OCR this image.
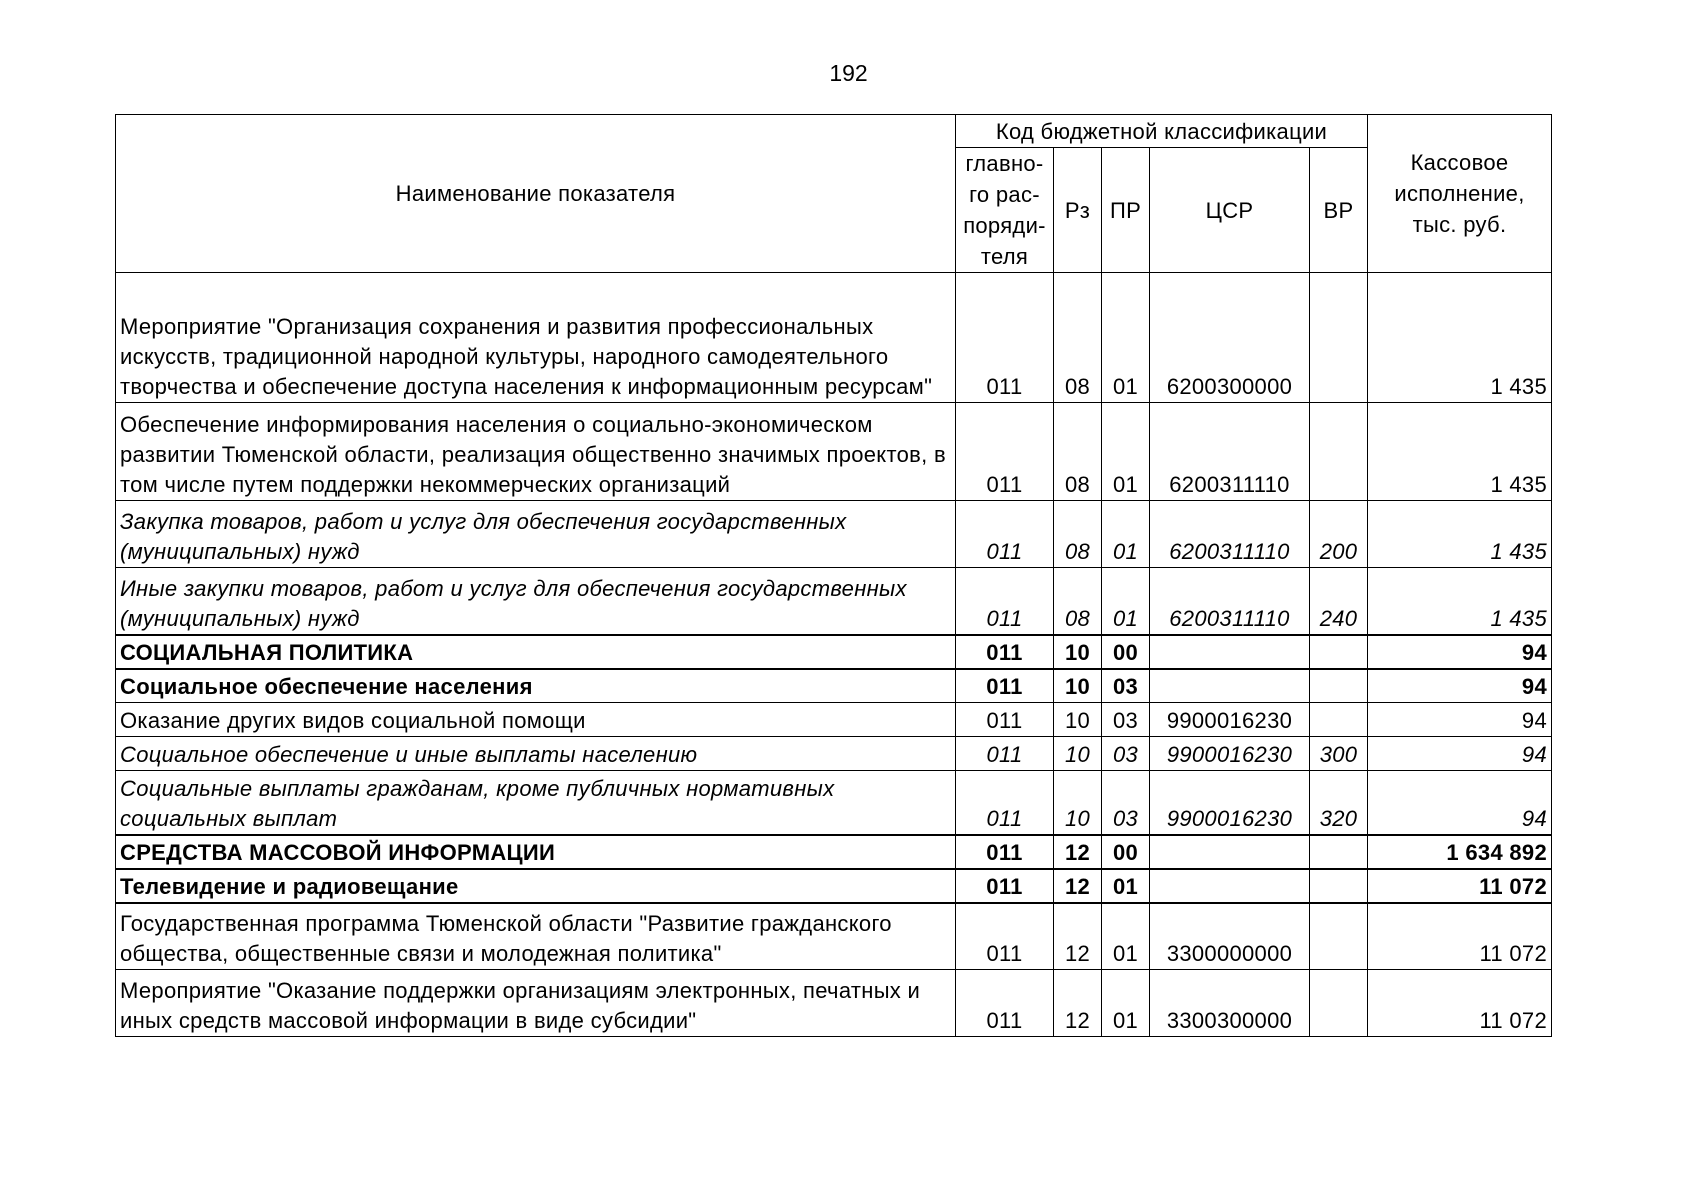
192
Наименование показателя	Код бюджетной классификации					Кассовое
исполнение,
тыс. руб.

	главно-
го рас-
поряди-
теля	Рз	ПР	ЦСР	ВР	
Мероприятие "Организация сохранения и развития профессиональных искусств, традиционной народной культуры, народного самодеятельного творчества и обеспечение доступа населения к информационным ресурсам"	011	08	01	6200300000		1 435
Обеспечение информирования населения о социально-экономическом развитии Тюменской области, реализация общественно значимых проектов, в том числе путем поддержки некоммерческих организаций	011	08	01	6200311110		1 435
Закупка товаров, работ и услуг для обеспечения государственных (муниципальных) нужд	011	08	01	6200311110	200	1 435
Иные закупки товаров, работ и услуг для обеспечения государственных (муниципальных) нужд	011	08	01	6200311110	240	1 435
СОЦИАЛЬНАЯ ПОЛИТИКА	011	10	00			94
Социальное обеспечение населения	011	10	03			94
Оказание других видов социальной помощи	011	10	03	9900016230		94
Социальное обеспечение и иные выплаты населению	011	10	03	9900016230	300	94
Социальные выплаты гражданам, кроме публичных нормативных социальных выплат	011	10	03	9900016230	320	94
СРЕДСТВА МАССОВОЙ ИНФОРМАЦИИ	011	12	00			1 634 892
Телевидение и радиовещание	011	12	01			11 072
Государственная программа Тюменской области "Развитие гражданского общества, общественные связи и молодежная политика"	011	12	01	3300000000		11 072
Мероприятие "Оказание поддержки организациям электронных, печатных и иных средств массовой информации в виде субсидии"	011	12	01	3300300000		11 072
